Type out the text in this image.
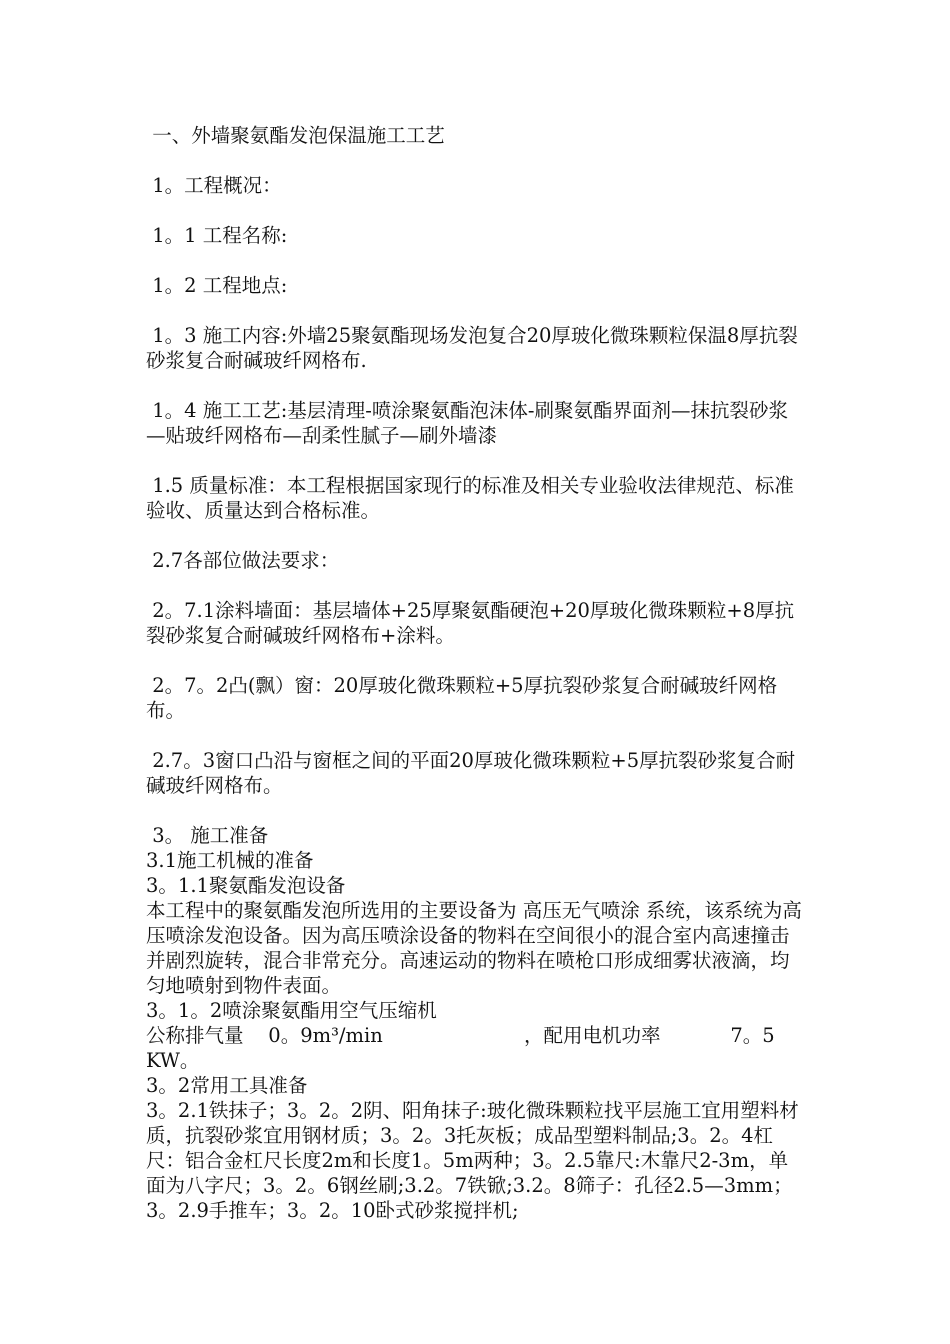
一、外墙聚氨酯发泡保温施工工艺

1。工程概况：

1。1 工程名称:

1。2 工程地点:

1。3 施工内容:外墙25聚氨酯现场发泡复合20厚玻化微珠颗粒保温8厚抗裂砂浆复合耐碱玻纤网格布.

1。4 施工工艺:基层清理-喷涂聚氨酯泡沫体-刷聚氨酯界面剂—抹抗裂砂浆—贴玻纤网格布—刮柔性腻子—刷外墙漆

1.5 质量标准：本工程根据国家现行的标准及相关专业验收法律规范、标准验收、质量达到合格标准。

2.7各部位做法要求：

2。7.1涂料墙面：基层墙体+25厚聚氨酯硬泡+20厚玻化微珠颗粒+8厚抗裂砂浆复合耐碱玻纤网格布+涂料。

2。7。2凸(飘）窗：20厚玻化微珠颗粒+5厚抗裂砂浆复合耐碱玻纤网格布。

2.7。3窗口凸沿与窗框之间的平面20厚玻化微珠颗粒+5厚抗裂砂浆复合耐碱玻纤网格布。

3。 施工准备

3.1施工机械的准备

3。1.1聚氨酯发泡设备

本工程中的聚氨酯发泡所选用的主要设备为 高压无气喷涂 系统，该系统为高压喷涂发泡设备。因为高压喷涂设备的物料在空间很小的混合室内高速撞击并剧烈旋转，混合非常充分。高速运动的物料在喷枪口形成细雾状液滴，均匀地喷射到物件表面。

3。1。2喷涂聚氨酯用空气压缩机

公称排气量    0。9m³/min	，配用电机功率	7。5

KW。

3。2常用工具准备

3。2.1铁抹子；3。2。2阴、阳角抹子:玻化微珠颗粒找平层施工宜用塑料材质，抗裂砂浆宜用钢材质；3。2。3托灰板；成品型塑料制品;3。2。4杠尺：铝合金杠尺长度2m和长度1。5m两种；3。2.5靠尺:木靠尺2-3m，单面为八字尺；3。2。6钢丝刷;3.2。7铁锨;3.2。8筛子：孔径2.5—3mm；3。2.9手推车；3。2。10卧式砂浆搅拌机;
